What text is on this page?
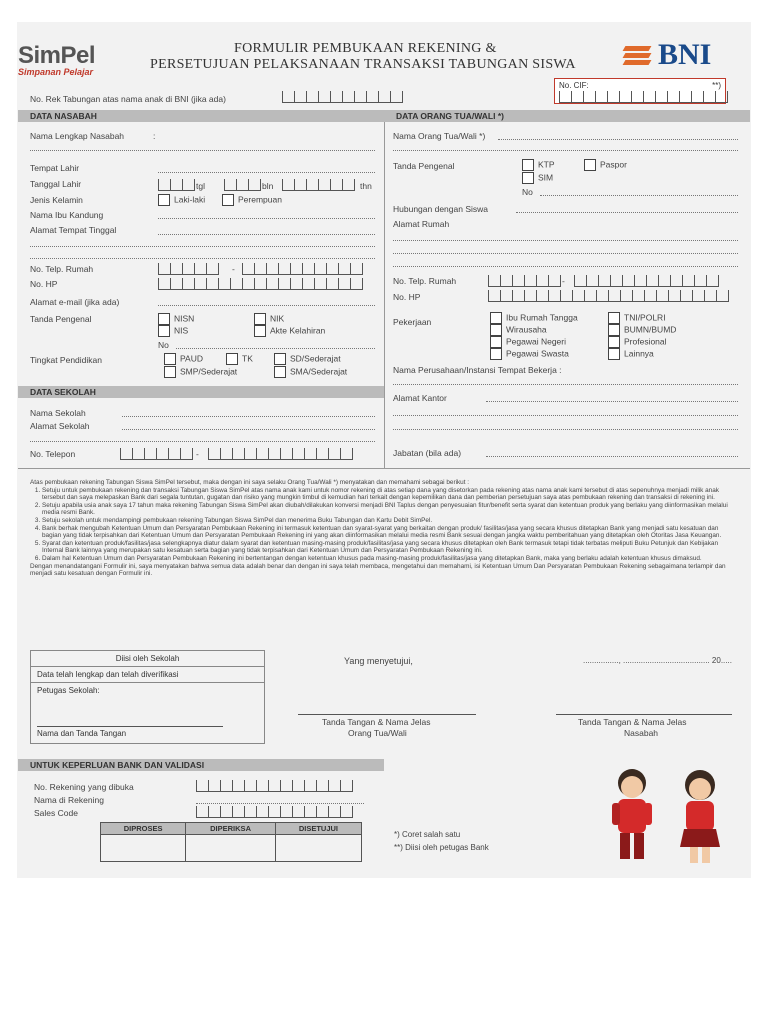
SimPel
Simpanan Pelajar
FORMULIR PEMBUKAAN REKENING &
PERSETUJUAN PELAKSANAAN TRANSAKSI TABUNGAN SISWA	BNI
No. CIF:	**)
No. Rek Tabungan atas nama anak di BNI (jika ada)
DATA NASABAH	DATA ORANG TUA/WALI *)
Nama Lengkap Nasabah	:
Tempat Lahir
Tanggal Lahir	tgl	bln	thn
Jenis Kelamin	Laki-laki	Perempuan
Nama Ibu Kandung
Alamat Tempat Tinggal
No. Telp. Rumah	-
No. HP
Alamat e-mail (jika ada)
Tanda Pengenal	NISN	NIK
NIS	Akte Kelahiran
No
Tingkat Pendidikan	PAUD	TK	SD/Sederajat
SMP/Sederajat	SMA/Sederajat
DATA SEKOLAH
Nama Sekolah
Alamat Sekolah
No. Telepon	-
Nama Orang Tua/Wali *)
Tanda Pengenal	KTP	Paspor
SIM
No
Hubungan dengan Siswa
Alamat Rumah
No. Telp. Rumah	-
No. HP
Pekerjaan	Ibu Rumah Tangga	TNI/POLRI
Wirausaha	BUMN/BUMD
Pegawai Negeri	Profesional
Pegawai Swasta	Lainnya
Nama Perusahaan/Instansi Tempat Bekerja :
Alamat Kantor
Jabatan (bila ada)
Atas pembukaan rekening Tabungan Siswa SimPel tersebut, maka dengan ini saya selaku Orang Tua/Wali *) menyatakan dan memahami sebagai berikut :
1. Setuju untuk pembukaan rekening dan transaksi Tabungan Siswa SimPel atas nama anak kami untuk nomor rekening di atas setiap dana yang disetorkan pada rekening atas nama anak kami tersebut di atas sepenuhnya menjadi milik anak tersebut dan saya melepaskan Bank dari segala tuntutan, gugatan dan risiko yang mungkin timbul di kemudian hari terkait dengan kepemilikan dana dan pemberian persetujuan saya atas pembukaan rekening dan transaksi di rekening ini.
2. Setuju apabila usia anak saya 17 tahun maka rekening Tabungan Siswa SimPel akan diubah/dilakukan konversi menjadi BNI Taplus dengan penyesuaian fitur/benefit serta syarat dan ketentuan produk yang berlaku yang diinformasikan melalui media resmi Bank.
3. Setuju sekolah untuk mendampingi pembukaan rekening Tabungan Siswa SimPel dan menerima Buku Tabungan dan Kartu Debit SimPel.
4. Bank berhak mengubah Ketentuan Umum dan Persyaratan Pembukaan Rekening ini termasuk ketentuan dan syarat-syarat yang berkaitan dengan produk/ fasilitas/jasa yang secara khusus ditetapkan Bank yang menjadi satu kesatuan dan bagian yang tidak terpisahkan dari Ketentuan Umum dan Persyaratan Pembukaan Rekening ini yang akan diinformasikan melalui media resmi Bank sesuai dengan jangka waktu pemberitahuan yang ditetapkan oleh Otoritas Jasa Keuangan.
5. Syarat dan ketentuan produk/fasilitas/jasa selengkapnya diatur dalam syarat dan ketentuan masing-masing produk/fasilitas/jasa yang secara khusus ditetapkan oleh Bank termasuk tetapi tidak terbatas meliputi Buku Petunjuk dan Kebijakan Internal Bank lainnya yang merupakan satu kesatuan serta bagian yang tidak terpisahkan dari Ketentuan Umum dan Persyaratan Pembukaan Rekening ini.
6. Dalam hal Ketentuan Umum dan Persyaratan Pembukaan Rekening ini bertentangan dengan ketentuan khusus pada masing-masing produk/fasilitas/jasa yang ditetapkan Bank, maka yang berlaku adalah ketentuan khusus dimaksud.
Dengan menandatangani Formulir ini, saya menyatakan bahwa semua data adalah benar dan dengan ini saya telah membaca, mengetahui dan memahami, isi Ketentuan Umum Dan Persyaratan Pembukaan Rekening sebagaimana terlampir dan menjadi satu kesatuan dengan Formulir ini.
Diisi oleh Sekolah
Data telah lengkap dan telah diverifikasi
Petugas Sekolah:
Nama dan Tanda Tangan
Yang menyetujui,	................, ....................................... 20.....
Tanda Tangan & Nama Jelas
Orang Tua/Wali
Tanda Tangan & Nama Jelas
Nasabah
UNTUK KEPERLUAN BANK DAN VALIDASI
No. Rekening yang dibuka
Nama di Rekening
Sales Code
DIPROSES	DIPERIKSA	DISETUJUI

*) Coret salah satu
**) Diisi oleh petugas Bank
